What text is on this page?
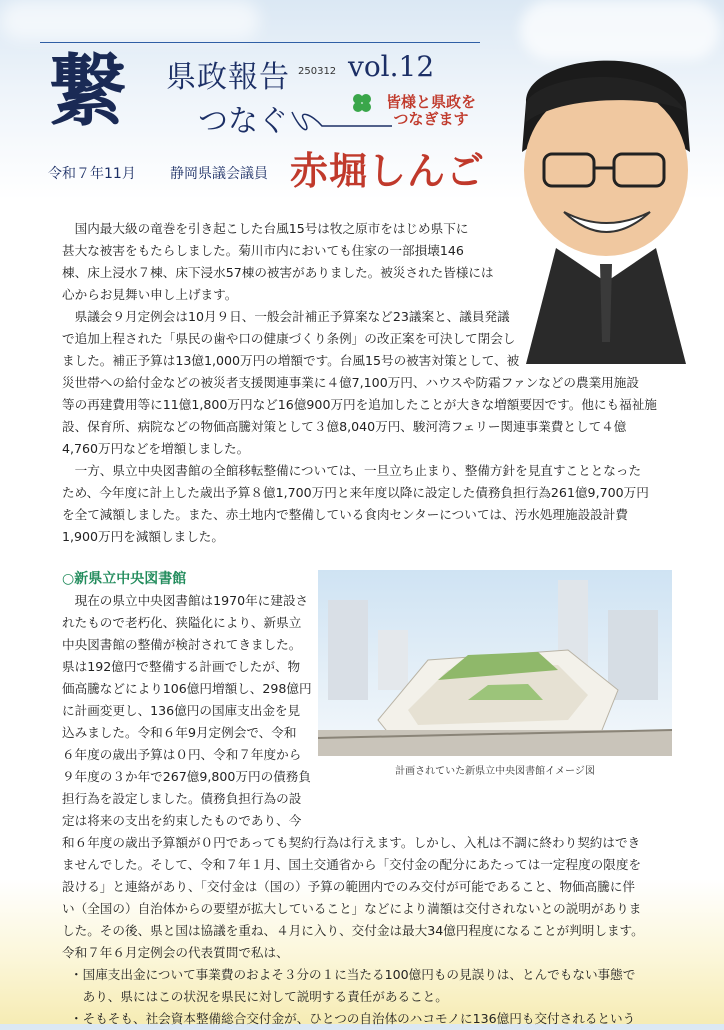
繋 県政報告 250312 vol.12
つなぐ
皆様と県政を
つなぎます
令和７年11月 静岡県議会議員 赤堀しんご
　国内最大級の竜巻を引き起こした台風15号は牧之原市をはじめ県下に
甚大な被害をもたらしました。菊川市内においても住家の一部損壊146
棟、床上浸水７棟、床下浸水57棟の被害がありました。被災された皆様には
心からお見舞い申し上げます。
　県議会９月定例会は10月９日、一般会計補正予算案など23議案と、議員発議
で追加上程された「県民の歯や口の健康づくり条例」の改正案を可決して閉会し
ました。補正予算は13億1,000万円の増額です。台風15号の被害対策として、被
災世帯への給付金などの被災者支援関連事業に４億7,100万円、ハウスや防霜ファンなどの農業用施設
等の再建費用等に11億1,800万円など16億900万円を追加したことが大きな増額要因です。他にも福祉施
設、保育所、病院などの物価高騰対策として３億8,040万円、駿河湾フェリー関連事業費として４億
4,760万円などを増額しました。
　一方、県立中央図書館の全館移転整備については、一旦立ち止まり、整備方針を見直すこととなった
ため、今年度に計上した歳出予算８億1,700万円と来年度以降に設定した債務負担行為261億9,700万円
を全て減額しました。また、赤土地内で整備している食肉センターについては、汚水処理施設設計費
1,900万円を減額しました。
○新県立中央図書館
計画されていた新県立中央図書館イメージ図
　現在の県立中央図書館は1970年に建設さ
れたもので老朽化、狭隘化により、新県立
中央図書館の整備が検討されてきました。
県は192億円で整備する計画でしたが、物
価高騰などにより106億円増額し、298億円
に計画変更し、136億円の国庫支出金を見
込みました。令和６年9月定例会で、令和
６年度の歳出予算は０円、令和７年度から
９年度の３か年で267億9,800万円の債務負
担行為を設定しました。債務負担行為の設
定は将来の支出を約束したものであり、今
和６年度の歳出予算額が０円であっても契約行為は行えます。しかし、入札は不調に終わり契約はでき
ませんでした。そして、令和７年１月、国土交通省から「交付金の配分にあたっては一定程度の限度を
設ける」と連絡があり、「交付金は（国の）予算の範囲内でのみ交付が可能であること、物価高騰に伴
い（全国の）自治体からの要望が拡大していること」などにより満額は交付されないとの説明がありま
した。その後、県と国は協議を重ね、４月に入り、交付金は最大34億円程度になることが判明します。
令和７年６月定例会の代表質問で私は、
・国庫支出金について事業費のおよそ３分の１に当たる100億円もの見誤りは、とんでもない事態で
　あり、県にはこの状況を県民に対して説明する責任があること。
・そもそも、社会資本整備総合交付金が、ひとつの自治体のハコモノに136億円も交付されるという
